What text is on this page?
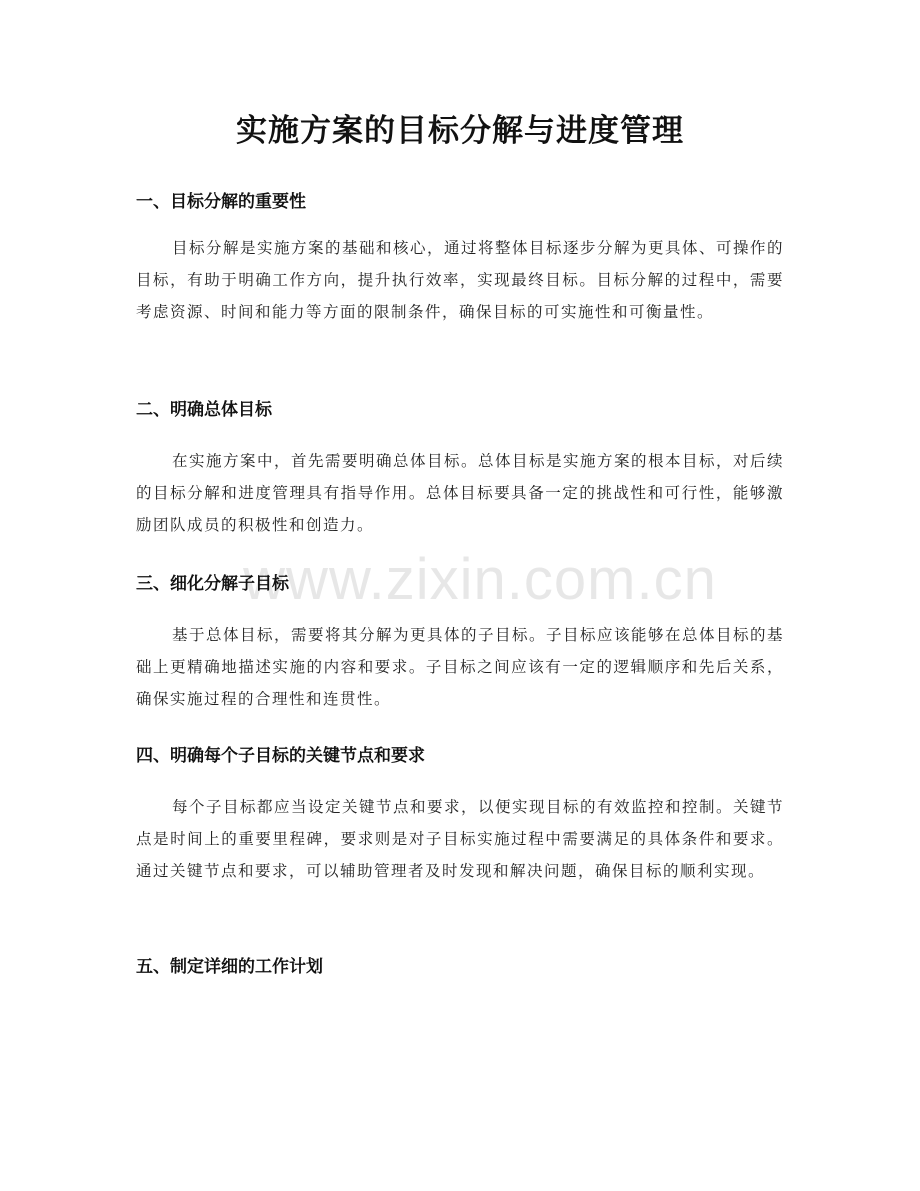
www.zixin.com.cn
实施方案的目标分解与进度管理
一、目标分解的重要性
目标分解是实施方案的基础和核心，通过将整体目标逐步分解为更具体、可操作的目标，有助于明确工作方向，提升执行效率，实现最终目标。目标分解的过程中，需要考虑资源、时间和能力等方面的限制条件，确保目标的可实施性和可衡量性。
二、明确总体目标
在实施方案中，首先需要明确总体目标。总体目标是实施方案的根本目标，对后续的目标分解和进度管理具有指导作用。总体目标要具备一定的挑战性和可行性，能够激励团队成员的积极性和创造力。
三、细化分解子目标
基于总体目标，需要将其分解为更具体的子目标。子目标应该能够在总体目标的基础上更精确地描述实施的内容和要求。子目标之间应该有一定的逻辑顺序和先后关系，确保实施过程的合理性和连贯性。
四、明确每个子目标的关键节点和要求
每个子目标都应当设定关键节点和要求，以便实现目标的有效监控和控制。关键节点是时间上的重要里程碑，要求则是对子目标实施过程中需要满足的具体条件和要求。通过关键节点和要求，可以辅助管理者及时发现和解决问题，确保目标的顺利实现。
五、制定详细的工作计划
